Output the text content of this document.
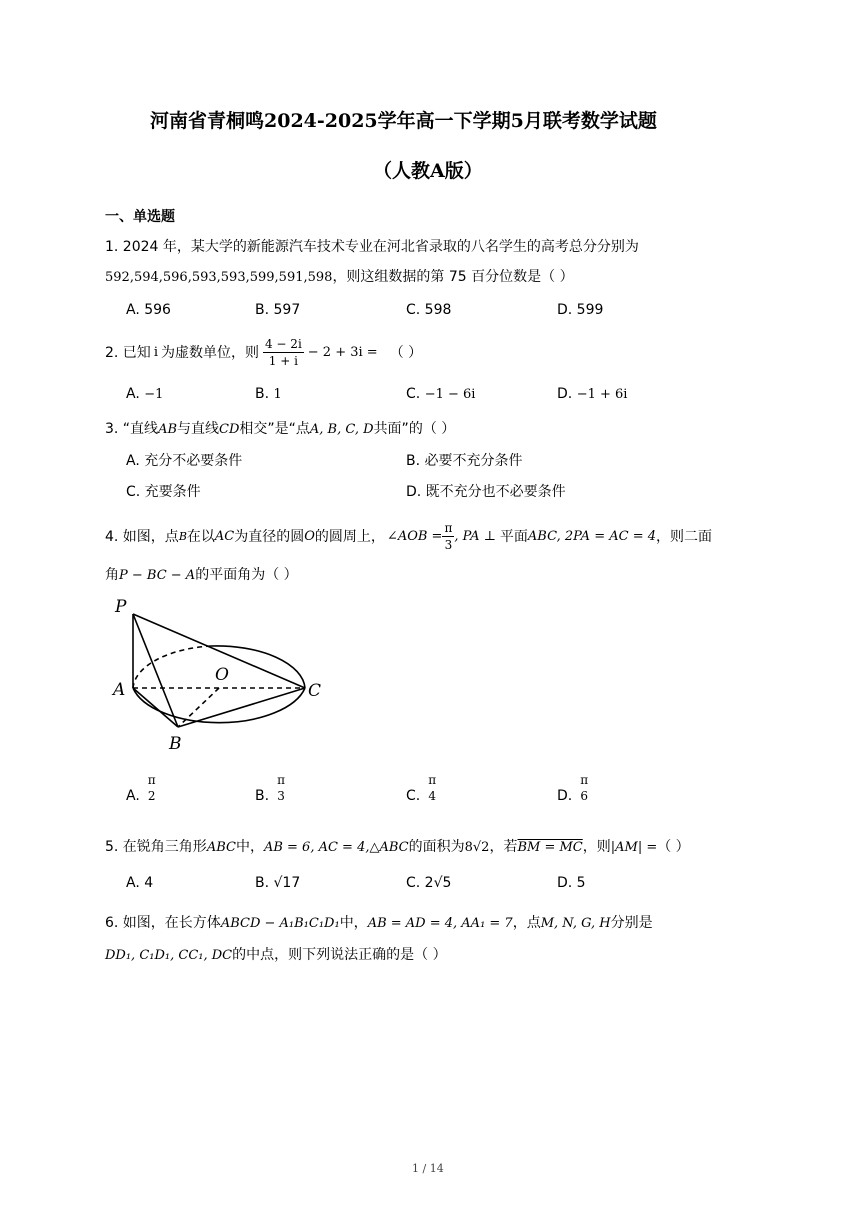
河南省青桐鸣2024-2025学年高一下学期5月联考数学试题
（人教A版）
一、单选题
1. 2024 年，某大学的新能源汽车技术专业在河北省录取的八名学生的高考总分分别为
592,594,596,593,593,599,591,598，则这组数据的第 75 百分位数是（ ）
A. 596	B. 597	C. 598	D. 599
2. 已知 i 为虚数单位，则 $\frac{4 - 2i}{1 + i} - 2 + 3i$ = （ ）
A. −1	B. 1	C. −1 − 6i	D. −1 + 6i
3. “直线AB与直线CD相交”是“点A, B, C, D共面”的（ ）
A. 充分不必要条件	B. 必要不充分条件
C. 充要条件	D. 既不充分也不必要条件
4. 如图，点 B 在以 AC 为直径的圆 O 的圆周上， ∠AOB = $\frac{\pi}{3}$ , PA ⊥ 平面 ABC, 2PA = AC = 4 ，则二面
角P − BC − A的平面角为（ ）
P
A
O
C
B
A.
π
2	B.
π
3	C.
π
4	D.
π
6
5. 在锐角三角形ABC中，AB = 6, AC = 4,△ABC的面积为8√2，若BM = MC，则|AM| =（ ）
A. 4	B. √17	C. 2√5	D. 5
6. 如图，在长方体ABCD − A₁B₁C₁D₁中，AB = AD = 4, AA₁ = 7，点M, N, G, H分别是
DD₁, C₁D₁, CC₁, DC的中点，则下列说法正确的是（ ）
1 / 14
